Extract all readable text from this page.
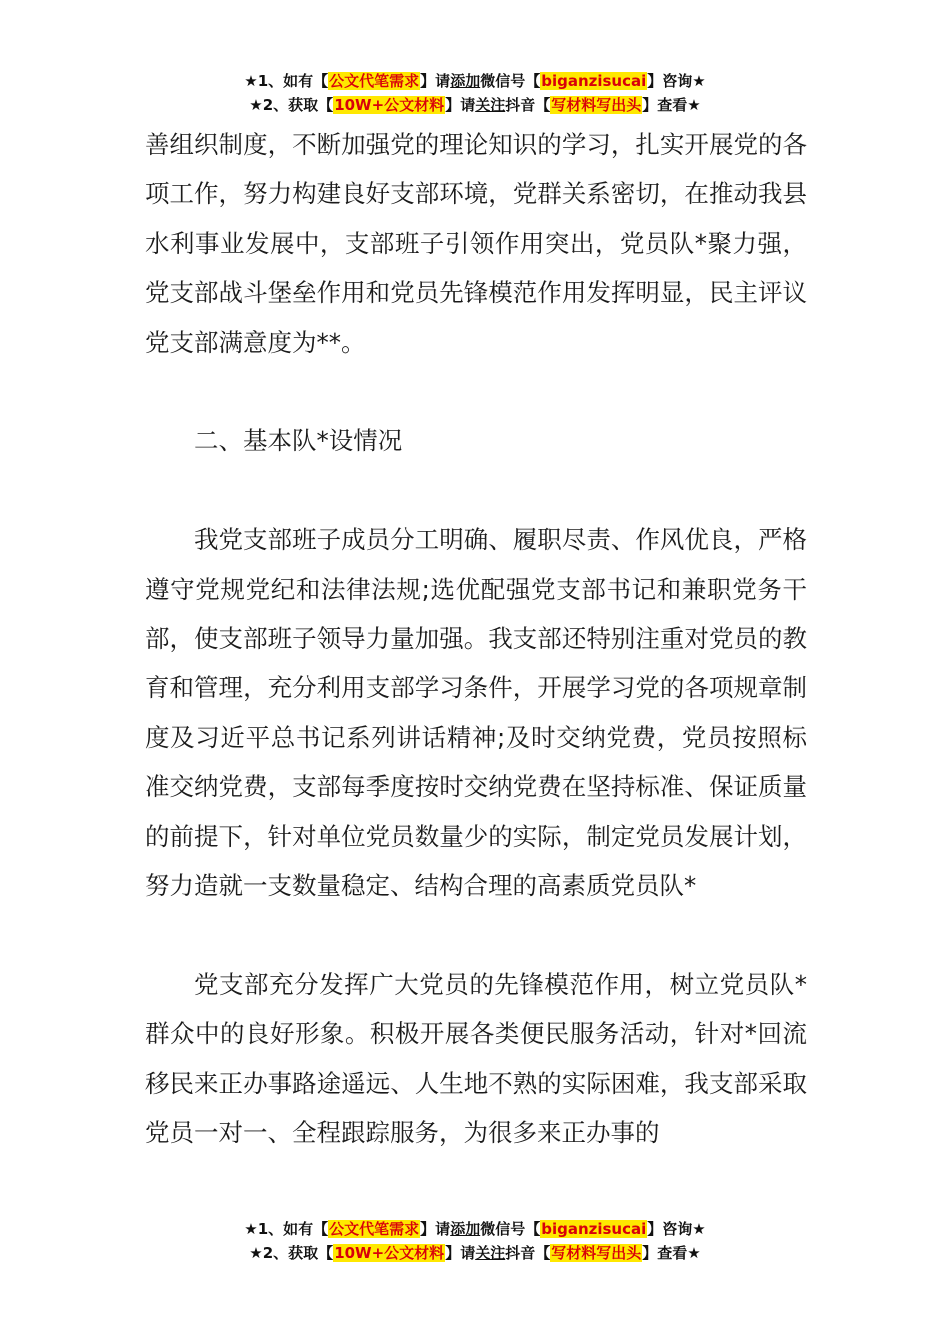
★1、如有【公文代笔需求】请添加微信号【biganzisucai】咨询★
★2、获取【10W+公文材料】请关注抖音【写材料写出头】查看★

善组织制度，不断加强党的理论知识的学习，扎实开展党的各项工作，努力构建良好支部环境，党群关系密切，在推动我县水利事业发展中，支部班子引领作用突出，党员队*聚力强，党支部战斗堡垒作用和党员先锋模范作用发挥明显，民主评议党支部满意度为**。

二、基本队*设情况

我党支部班子成员分工明确、履职尽责、作风优良，严格遵守党规党纪和法律法规;选优配强党支部书记和兼职党务干部，使支部班子领导力量加强。我支部还特别注重对党员的教育和管理，充分利用支部学习条件，开展学习党的各项规章制度及习近平总书记系列讲话精神;及时交纳党费，党员按照标准交纳党费，支部每季度按时交纳党费在坚持标准、保证质量的前提下，针对单位党员数量少的实际，制定党员发展计划，努力造就一支数量稳定、结构合理的高素质党员队*

党支部充分发挥广大党员的先锋模范作用，树立党员队*群众中的良好形象。积极开展各类便民服务活动，针对*回流移民来正办事路途遥远、人生地不熟的实际困难，我支部采取党员一对一、全程跟踪服务，为很多来正办事的

★1、如有【公文代笔需求】请添加微信号【biganzisucai】咨询★
★2、获取【10W+公文材料】请关注抖音【写材料写出头】查看★
